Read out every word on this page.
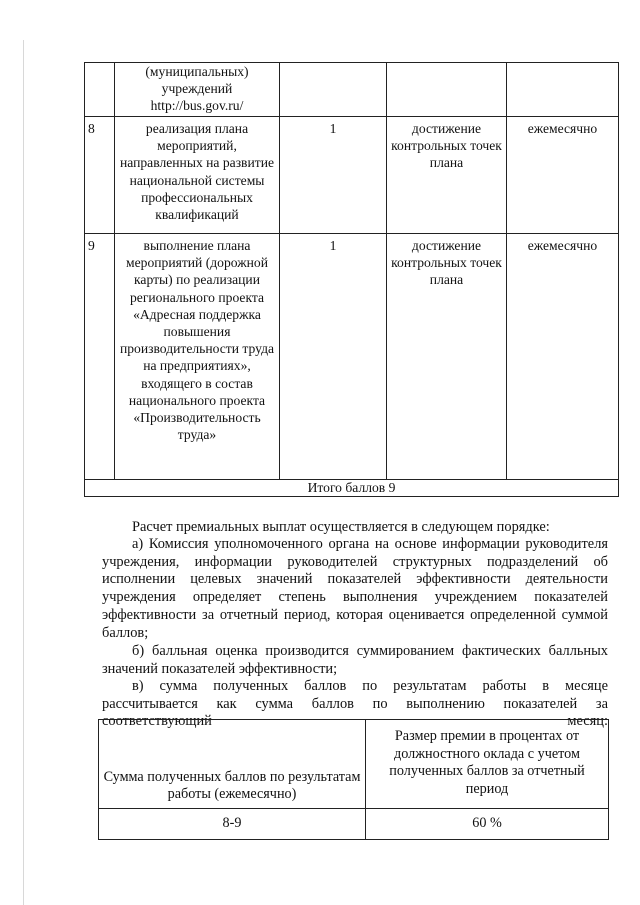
	(муниципальных) учреждений http://bus.gov.ru/			
8	реализация плана мероприятий, направленных на развитие национальной системы профессиональных квалификаций	1	достижение контрольных точек плана	ежемесячно
9	выполнение плана мероприятий (дорожной карты) по реализации регионального проекта «Адресная поддержка повышения производительности труда на предприятиях», входящего в состав национального проекта «Производительность труда»	1	достижение контрольных точек плана	ежемесячно
Итого баллов 9				

Расчет премиальных выплат осуществляется в следующем порядке:

а) Комиссия уполномоченного органа на основе информации руководителя учреждения, информации руководителей структурных подразделений об исполнении целевых значений показателей эффективности деятельности учреждения определяет степень выполнения учреждением показателей эффективности за отчетный период, которая оценивается определенной суммой баллов;

б) балльная оценка производится суммированием фактических балльных значений показателей эффективности;

в) сумма полученных баллов по результатам работы в месяце рассчитывается как сумма баллов по выполнению показателей за соответствующий месяц:

Сумма полученных баллов по результатам работы (ежемесячно)	Размер премии в процентах от должностного оклада с учетом полученных баллов за отчетный период
8-9	60 %
